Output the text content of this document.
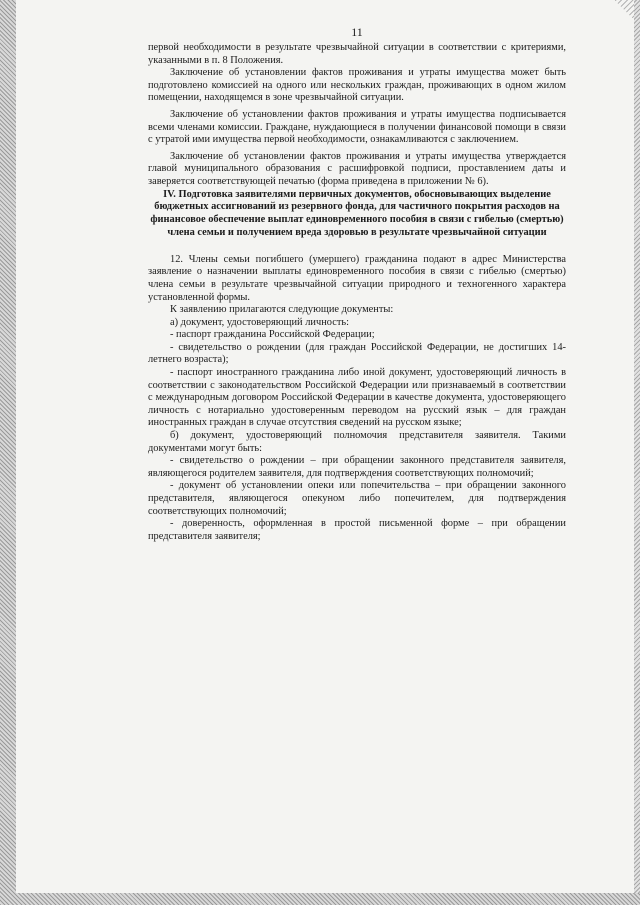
11

первой необходимости в результате чрезвычайной ситуации в соответствии с критериями, указанными в п. 8 Положения.

Заключение об установлении фактов проживания и утраты имущества может быть подготовлено комиссией на одного или нескольких граждан, проживающих в одном жилом помещении, находящемся в зоне чрезвычайной ситуации.

Заключение об установлении фактов проживания и утраты имущества подписывается всеми членами комиссии. Граждане, нуждающиеся в получении финансовой помощи в связи с утратой ими имущества первой необходимости, ознакамливаются с заключением.

Заключение об установлении фактов проживания и утраты имущества утверждается главой муниципального образования с расшифровкой подписи, проставлением даты и заверяется соответствующей печатью (форма приведена в приложении № 6).

IV. Подготовка заявителями первичных документов, обосновывающих выделение бюджетных ассигнований из резервного фонда, для частичного покрытия расходов на финансовое обеспечение выплат единовременного пособия в связи с гибелью (смертью) члена семьи и получением вреда здоровью в результате чрезвычайной ситуации

12. Члены семьи погибшего (умершего) гражданина подают в адрес Министерства заявление о назначении выплаты единовременного пособия в связи с гибелью (смертью) члена семьи в результате чрезвычайной ситуации природного и техногенного характера установленной формы.

К заявлению прилагаются следующие документы:

а) документ, удостоверяющий личность:

- паспорт гражданина Российской Федерации;

- свидетельство о рождении (для граждан Российской Федерации, не достигших 14-летнего возраста);

- паспорт иностранного гражданина либо иной документ, удостоверяющий личность в соответствии с законодательством Российской Федерации или признаваемый в соответствии с международным договором Российской Федерации в качестве документа, удостоверяющего личность с нотариально удостоверенным переводом на русский язык – для граждан иностранных граждан в случае отсутствия сведений на русском языке;

б) документ, удостоверяющий полномочия представителя заявителя. Такими документами могут быть:

- свидетельство о рождении – при обращении законного представителя заявителя, являющегося родителем заявителя, для подтверждения соответствующих полномочий;

- документ об установлении опеки или попечительства – при обращении законного представителя, являющегося опекуном либо попечителем, для подтверждения соответствующих полномочий;

- доверенность, оформленная в простой письменной форме – при обращении представителя заявителя;
